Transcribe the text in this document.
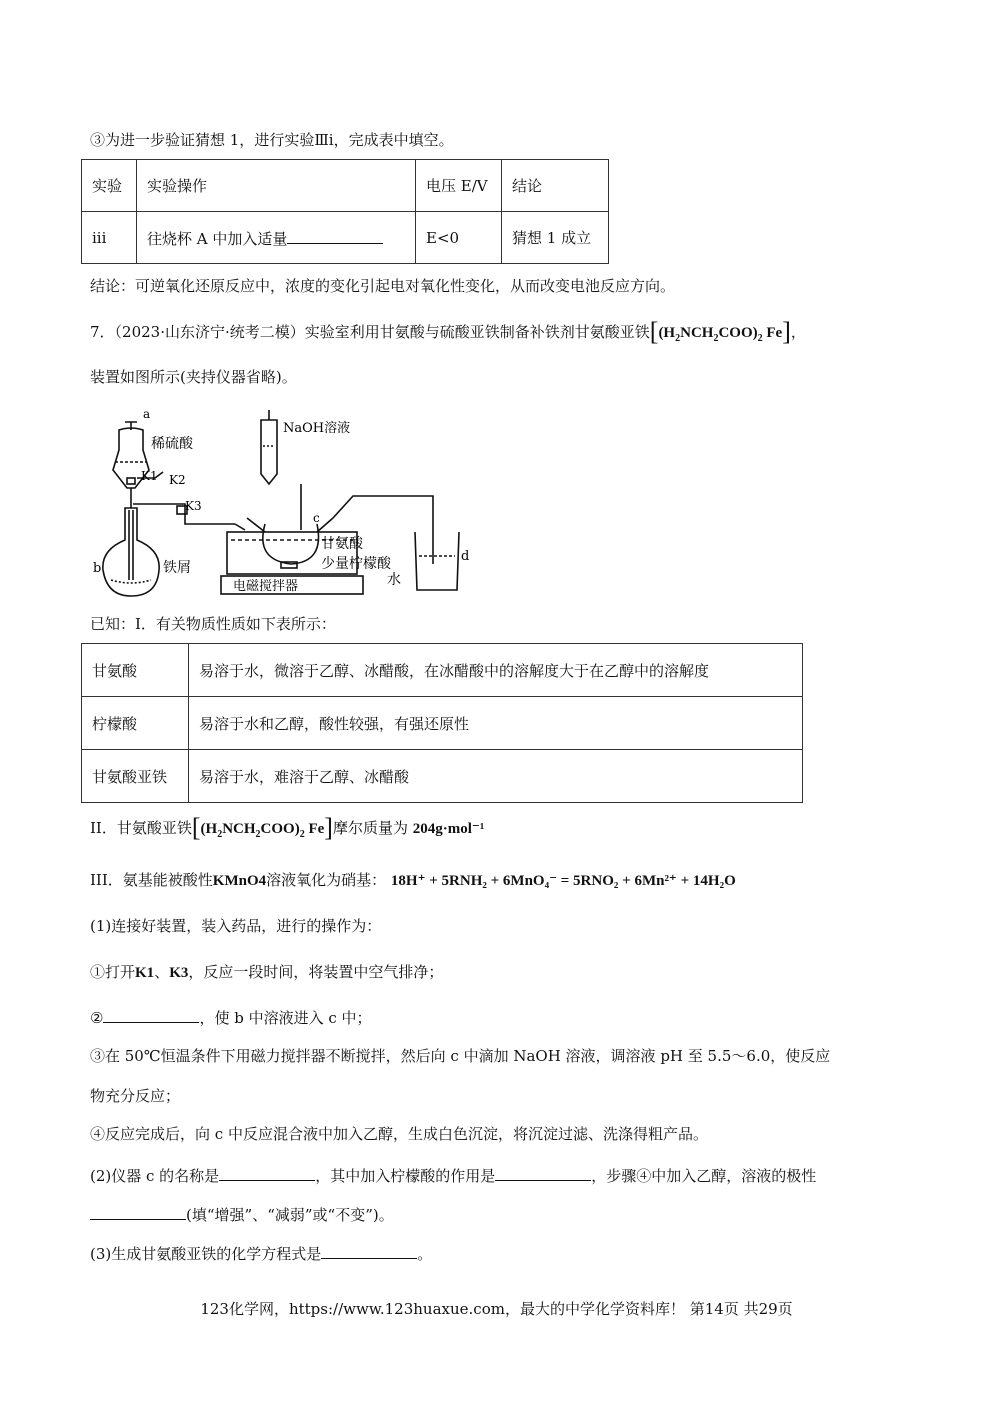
③为进一步验证猜想 1，进行实验Ⅲi，完成表中填空。
实验	实验操作	电压 E/V	结论
iii	往烧杯 A 中加入适量	E<0	猜想 1 成立
结论：可逆氧化还原反应中，浓度的变化引起电对氧化性变化，从而改变电池反应方向。
7．（2023·山东济宁·统考二模）实验室利用甘氨酸与硫酸亚铁制备补铁剂甘氨酸亚铁[$(H_2NCH_2COO)_2$ Fe]，
装置如图所示(夹持仪器省略)。
a
稀硫酸
K1 K2
K3
b	铁屑
NaOH溶液
c
甘氨酸
少量柠檬酸
电磁搅拌器
d
水
已知：I．有关物质性质如下表所示：
甘氨酸	易溶于水，微溶于乙醇、冰醋酸，在冰醋酸中的溶解度大于在乙醇中的溶解度
柠檬酸	易溶于水和乙醇，酸性较强，有强还原性
甘氨酸亚铁	易溶于水，难溶于乙醇、冰醋酸
II．甘氨酸亚铁[$(H_2NCH_2COO)_2$ Fe]摩尔质量为 204g·mol⁻¹
III．氨基能被酸性KMnO4溶液氧化为硝基： 18H⁺ + 5RNH₂ + 6MnO₄⁻ = 5RNO₂ + 6Mn²⁺ + 14H₂O
(1)连接好装置，装入药品，进行的操作为：
①打开K1、K3，反应一段时间，将装置中空气排净；
②	，使 b 中溶液进入 c 中；
③在 50℃恒温条件下用磁力搅拌器不断搅拌，然后向 c 中滴加 NaOH 溶液，调溶液 pH 至 5.5～6.0，使反应
物充分反应；
④反应完成后，向 c 中反应混合液中加入乙醇，生成白色沉淀，将沉淀过滤、洗涤得粗产品。
(2)仪器 c 的名称是	，其中加入柠檬酸的作用是	，步骤④中加入乙醇，溶液的极性
(填“增强”、“减弱”或“不变”)。
(3)生成甘氨酸亚铁的化学方程式是	。
123化学网，https://www.123huaxue.com，最大的中学化学资料库！ 第14页 共29页
